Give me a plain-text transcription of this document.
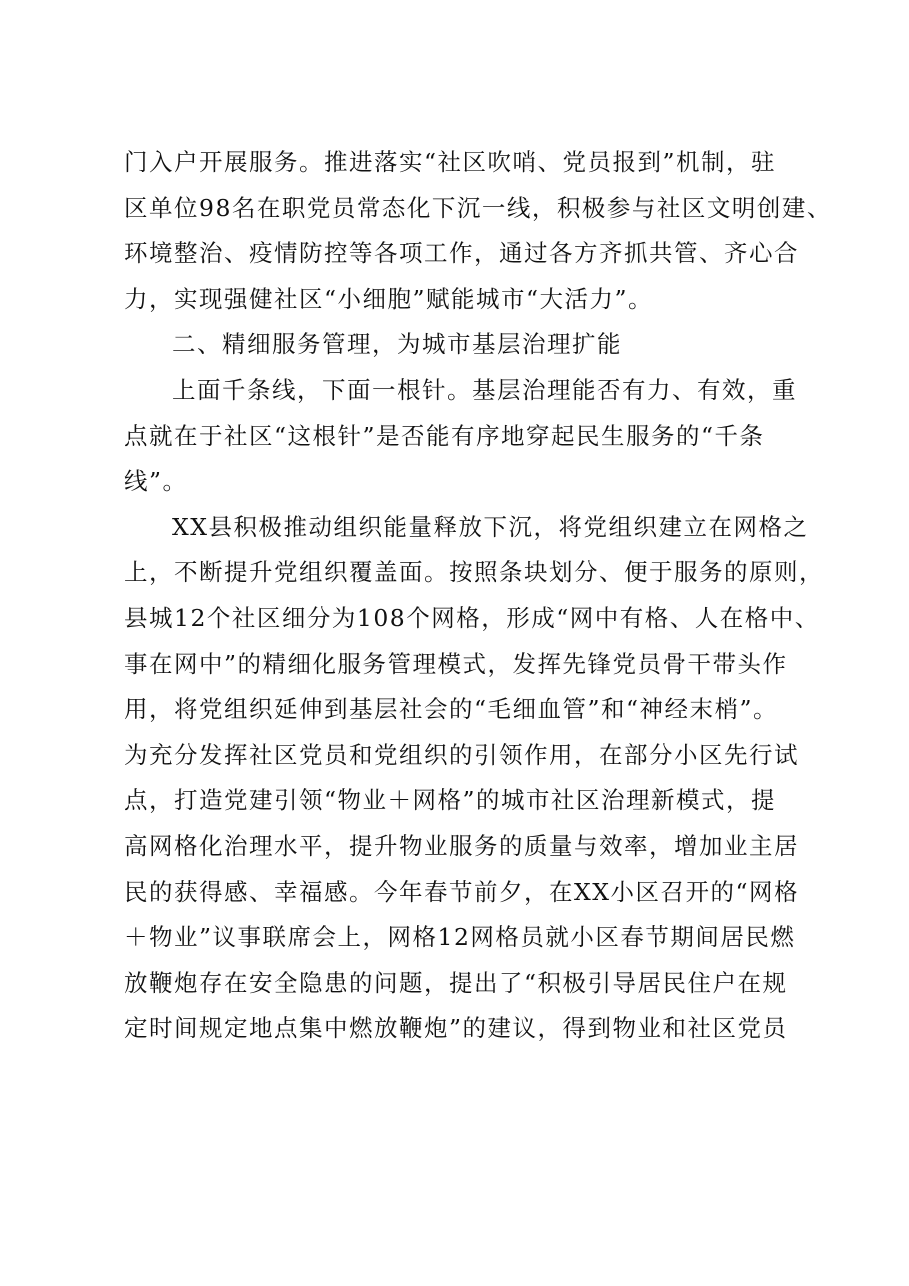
门入户开展服务。推进落实“社区吹哨、党员报到”机制，驻
区单位98名在职党员常态化下沉一线，积极参与社区文明创建、
环境整治、疫情防控等各项工作，通过各方齐抓共管、齐心合
力，实现强健社区“小细胞”赋能城市“大活力”。
二、精细服务管理，为城市基层治理扩能
上面千条线，下面一根针。基层治理能否有力、有效，重
点就在于社区“这根针”是否能有序地穿起民生服务的“千条
线”。
XX县积极推动组织能量释放下沉，将党组织建立在网格之
上，不断提升党组织覆盖面。按照条块划分、便于服务的原则，
县城12个社区细分为108个网格，形成“网中有格、人在格中、
事在网中”的精细化服务管理模式，发挥先锋党员骨干带头作
用，将党组织延伸到基层社会的“毛细血管”和“神经末梢”。
为充分发挥社区党员和党组织的引领作用，在部分小区先行试
点，打造党建引领“物业＋网格”的城市社区治理新模式，提
高网格化治理水平，提升物业服务的质量与效率，增加业主居
民的获得感、幸福感。今年春节前夕，在XX小区召开的“网格
＋物业”议事联席会上，网格12网格员就小区春节期间居民燃
放鞭炮存在安全隐患的问题，提出了“积极引导居民住户在规
定时间规定地点集中燃放鞭炮”的建议，得到物业和社区党员
